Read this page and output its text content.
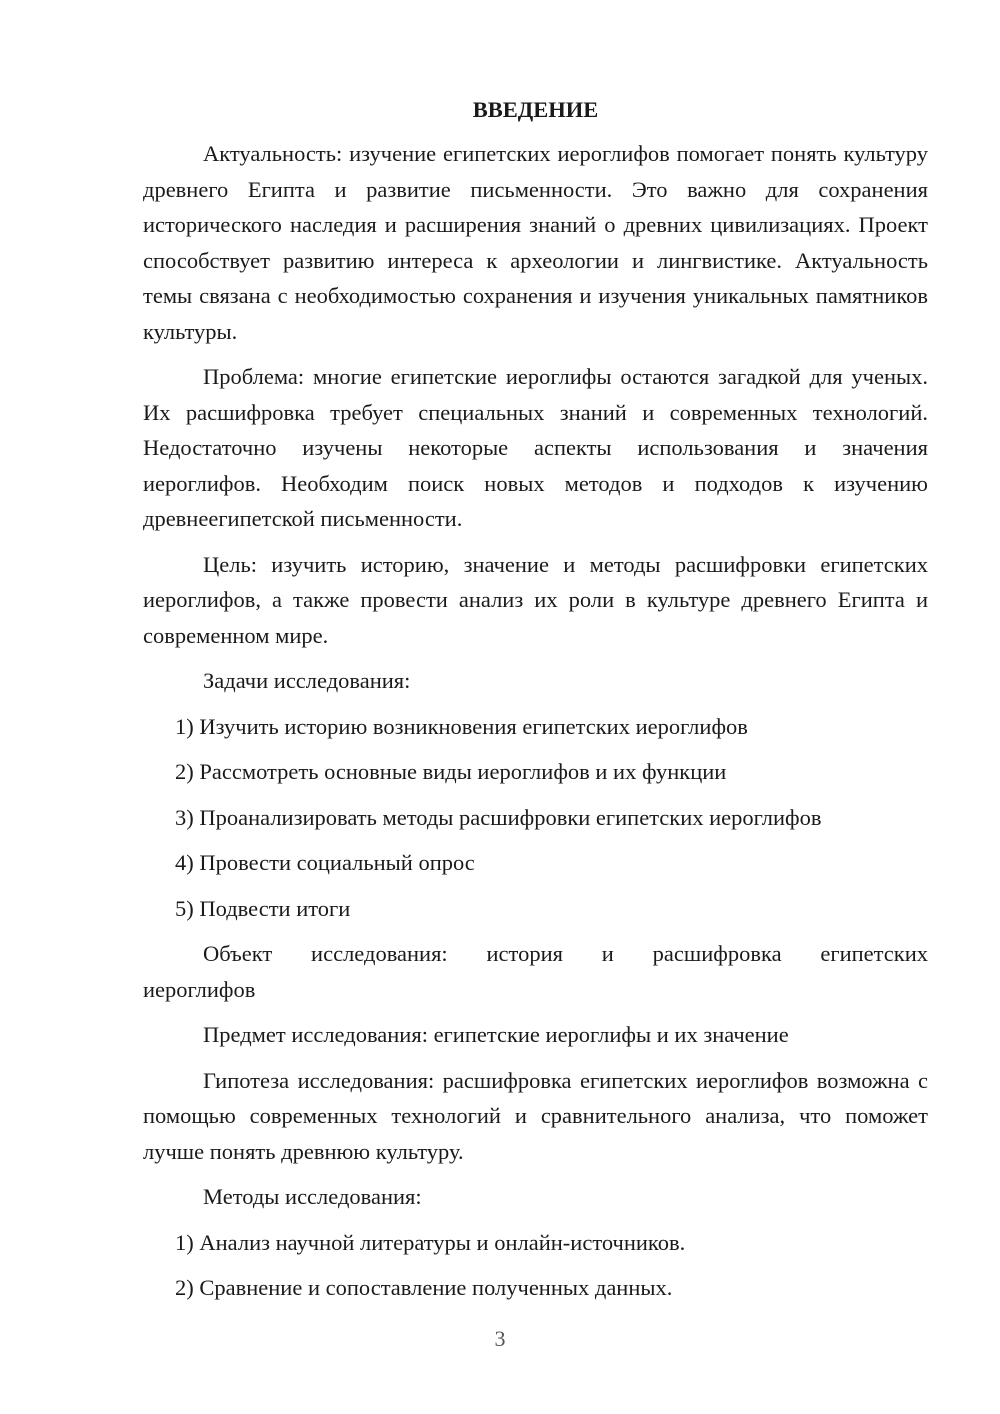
ВВЕДЕНИЕ

Актуальность: изучение египетских иероглифов помогает понять культуру древнего Египта и развитие письменности. Это важно для сохранения исторического наследия и расширения знаний о древних цивилизациях. Проект способствует развитию интереса к археологии и лингвистике. Актуальность темы связана с необходимостью сохранения и изучения уникальных памятников культуры.

Проблема: многие египетские иероглифы остаются загадкой для ученых. Их расшифровка требует специальных знаний и современных технологий. Недостаточно изучены некоторые аспекты использования и значения иероглифов. Необходим поиск новых методов и подходов к изучению древнеегипетской письменности.

Цель: изучить историю, значение и методы расшифровки египетских иероглифов, а также провести анализ их роли в культуре древнего Египта и современном мире.

Задачи исследования:

1) Изучить историю возникновения египетских иероглифов

2) Рассмотреть основные виды иероглифов и их функции

3) Проанализировать методы расшифровки египетских иероглифов

4) Провести социальный опрос

5) Подвести итоги

Объект исследования: история и расшифровка египетских

иероглифов

Предмет исследования: египетские иероглифы и их значение

Гипотеза исследования: расшифровка египетских иероглифов возможна с помощью современных технологий и сравнительного анализа, что поможет лучше понять древнюю культуру.

Методы исследования:

1) Анализ научной литературы и онлайн-источников.

2) Сравнение и сопоставление полученных данных.

3
